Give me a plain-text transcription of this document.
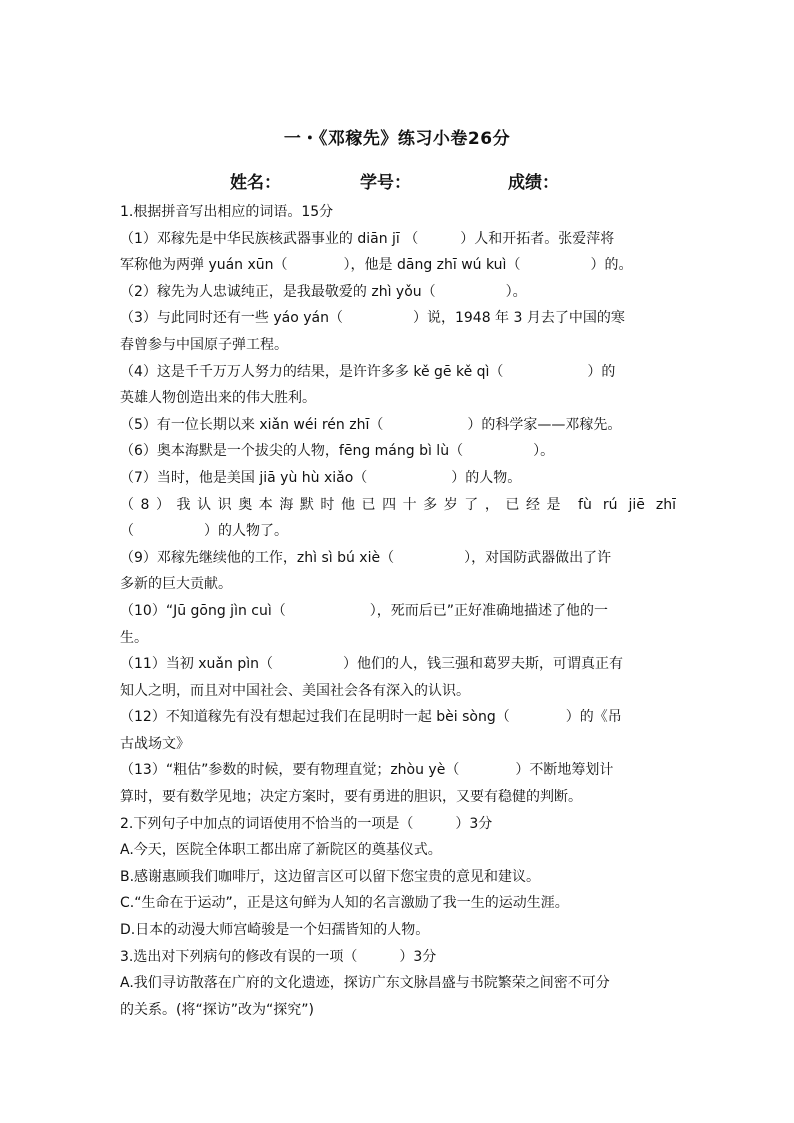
一・《邓稼先》练习小卷26分
姓名：	学号：	成绩：
1.根据拼音写出相应的词语。15分
（1）邓稼先是中华民族核武器事业的 diān jī （　　　）人和开拓者。张爱萍将
军称他为两弹 yuán xūn（　　　　），他是 dāng zhī wú kuì（　　　　　）的。
（2）稼先为人忠诚纯正，是我最敬爱的 zhì yǒu（　　　　　）。
（3）与此同时还有一些 yáo yán（　　　　　）说，1948 年 3 月去了中国的寒
春曾参与中国原子弹工程。
（4）这是千千万万人努力的结果，是许许多多 kě gē kě qì（　　　　　　）的
英雄人物创造出来的伟大胜利。
（5）有一位长期以来 xiǎn wéi rén zhī（　　　　　　）的科学家——邓稼先。
（6）奥本海默是一个拔尖的人物，fēng máng bì lù（　　　　　）。
（7）当时，他是美国 jiā yù hù xiǎo（　　　　　　）的人物。
（8）我认识奥本海默时他已四十多岁了，已经是 fù rú jiē zhī
（　　　　　）的人物了。
（9）邓稼先继续他的工作，zhì sì bú xiè（　　　　　），对国防武器做出了许
多新的巨大贡献。
（10）“Jū gōng jìn cuì（　　　　　　），死而后已”正好准确地描述了他的一
生。
（11）当初 xuǎn pìn（　　　　　）他们的人，钱三强和葛罗夫斯，可谓真正有
知人之明，而且对中国社会、美国社会各有深入的认识。
（12）不知道稼先有没有想起过我们在昆明时一起 bèi sòng（　　　　）的《吊
古战场文》
（13）“粗估”参数的时候，要有物理直觉；zhòu yè（　　　　）不断地筹划计
算时，要有数学见地；决定方案时，要有勇进的胆识，又要有稳健的判断。
2.下列句子中加点的词语使用不恰当的一项是（　　　）3分
A.今天，医院全体职工都出席了新院区的奠基仪式。
B.感谢惠顾我们咖啡厅，这边留言区可以留下您宝贵的意见和建议。
C.“生命在于运动”，正是这句鲜为人知的名言激励了我一生的运动生涯。
D.日本的动漫大师宫崎骏是一个妇孺皆知的人物。
3.选出对下列病句的修改有误的一项（　　　）3分
A.我们寻访散落在广府的文化遗迹，探访广东文脉昌盛与书院繁荣之间密不可分
的关系。(将“探访”改为“探究”)
